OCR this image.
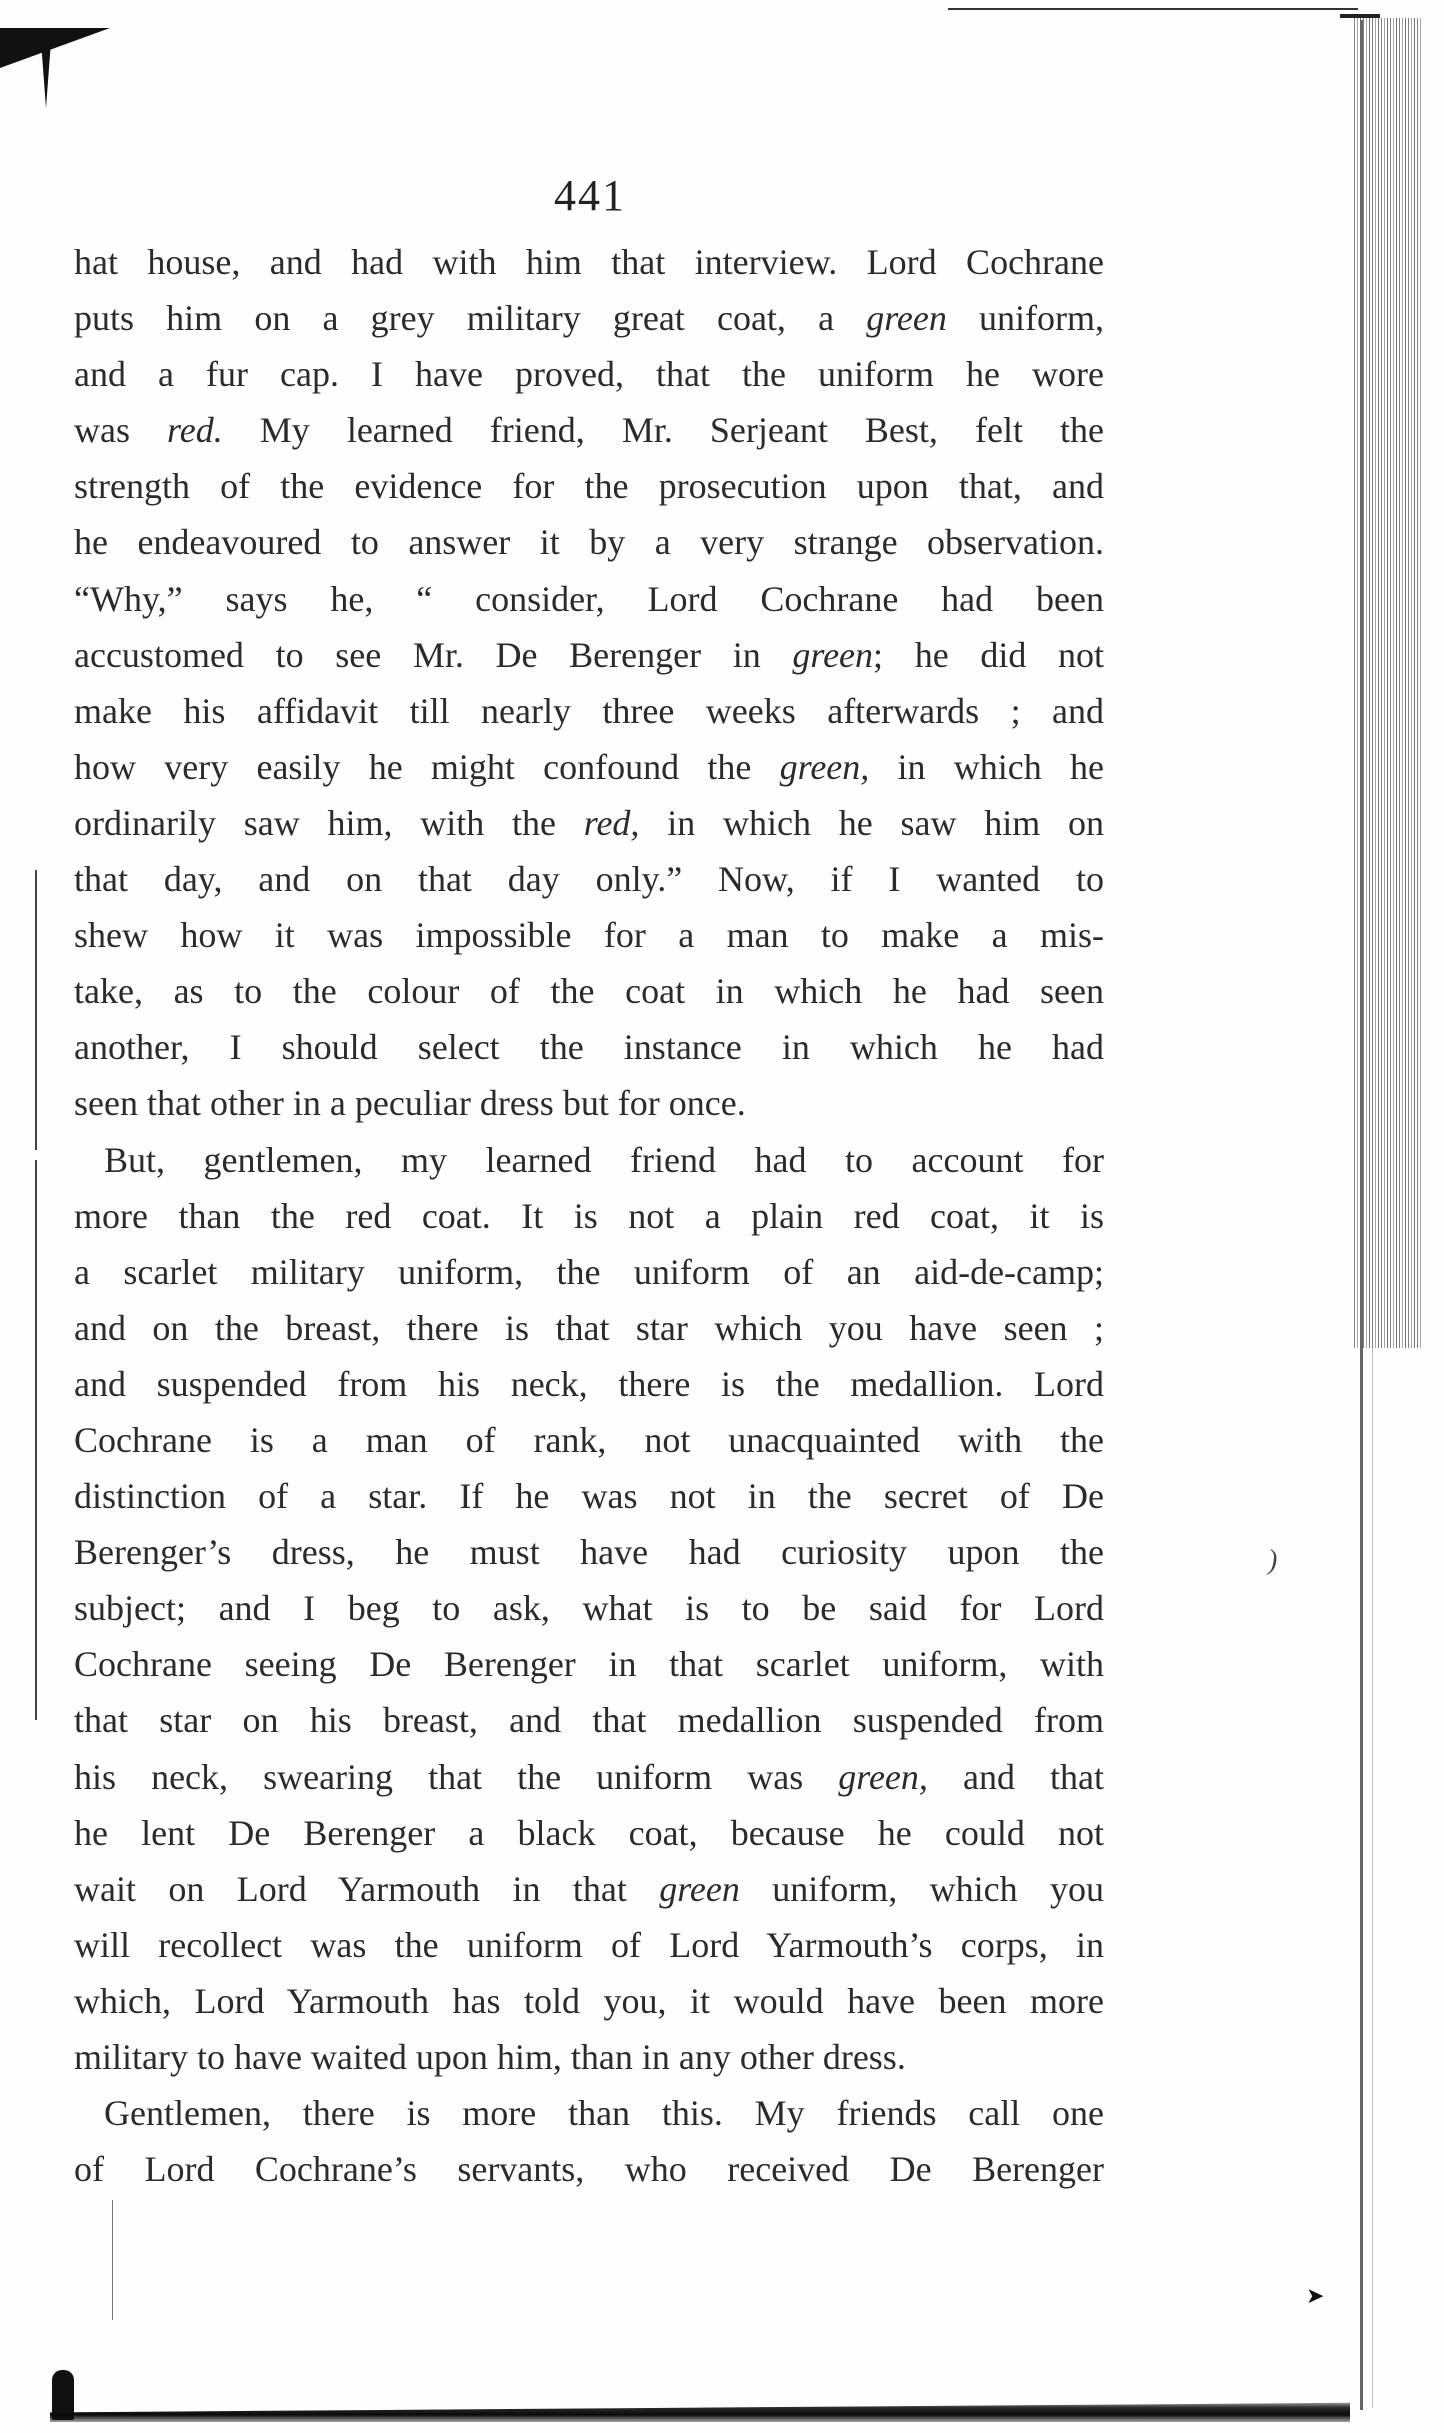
)
➤
441
hat house, and had with him that interview. Lord Cochrane
puts him on a grey military great coat, a green uniform,
and a fur cap. I have proved, that the uniform he wore
was red. My learned friend, Mr. Serjeant Best, felt the
strength of the evidence for the prosecution upon that, and
he endeavoured to answer it by a very strange observation.
“Why,” says he, “ consider, Lord Cochrane had been
accustomed to see Mr. De Berenger in green; he did not
make his affidavit till nearly three weeks afterwards ; and
how very easily he might confound the green, in which he
ordinarily saw him, with the red, in which he saw him on
that day, and on that day only.” Now, if I wanted to
shew how it was impossible for a man to make a mis-
take, as to the colour of the coat in which he had seen
another, I should select the instance in which he had
seen that other in a peculiar dress but for once.
But, gentlemen, my learned friend had to account for
more than the red coat. It is not a plain red coat, it is
a scarlet military uniform, the uniform of an aid-de-camp;
and on the breast, there is that star which you have seen ;
and suspended from his neck, there is the medallion. Lord
Cochrane is a man of rank, not unacquainted with the
distinction of a star. If he was not in the secret of De
Berenger’s dress, he must have had curiosity upon the
subject; and I beg to ask, what is to be said for Lord
Cochrane seeing De Berenger in that scarlet uniform, with
that star on his breast, and that medallion suspended from
his neck, swearing that the uniform was green, and that
he lent De Berenger a black coat, because he could not
wait on Lord Yarmouth in that green uniform, which you
will recollect was the uniform of Lord Yarmouth’s corps, in
which, Lord Yarmouth has told you, it would have been more
military to have waited upon him, than in any other dress.
Gentlemen, there is more than this. My friends call one
of Lord Cochrane’s servants, who received De Berenger
